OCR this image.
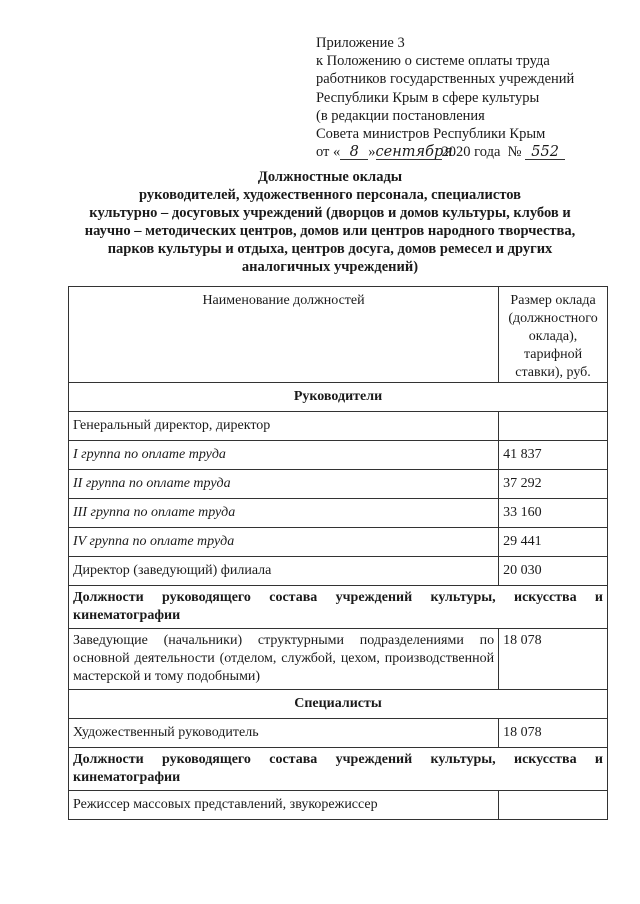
Приложение 3
к Положению о системе оплаты труда
работников государственных учреждений
Республики Крым в сфере культуры
(в редакции постановления
Совета министров Республики Крым
от « 8 »сентября2020 года № 552
Должностные оклады
руководителей, художественного персонала, специалистов
культурно – досуговых учреждений (дворцов и домов культуры, клубов и
научно – методических центров, домов или центров народного творчества,
парков культуры и отдыха, центров досуга, домов ремесел и других
аналогичных учреждений)
Наименование должностей	Размер оклада (должностного оклада), тарифной ставки), руб.
Руководители	
Генеральный директор, директор	
I группа по оплате труда	41 837
II группа по оплате труда	37 292
III группа по оплате труда	33 160
IV группа по оплате труда	29 441
Директор (заведующий) филиала	20 030
Должности руководящего состава учреждений культуры, искусства и кинематографии	
Заведующие (начальники) структурными подразделениями по основной деятельности (отделом, службой, цехом, производственной мастерской и тому подобными)	18 078
Специалисты	
Художественный руководитель	18 078
Должности руководящего состава учреждений культуры, искусства и кинематографии	
Режиссер массовых представлений, звукорежиссер	
